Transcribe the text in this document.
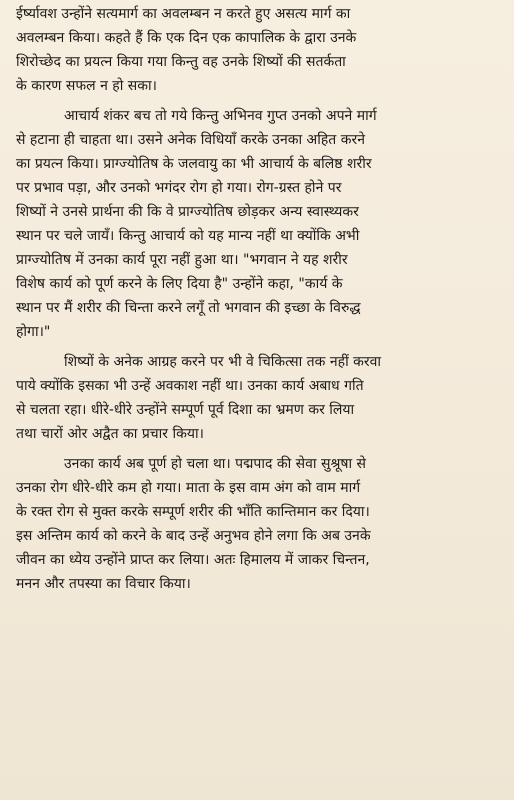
ईर्ष्यावश उन्होंने सत्यमार्ग का अवलम्बन न करते हुए असत्य मार्ग का
अवलम्बन किया। कहते हैं कि एक दिन एक कापालिक के द्वारा उनके
शिरोच्छेद का प्रयत्न किया गया किन्तु वह उनके शिष्यों की सतर्कता
के कारण सफल न हो सका।
आचार्य शंकर बच तो गये किन्तु अभिनव गुप्त उनको अपने मार्ग
से हटाना ही चाहता था। उसने अनेक विधियाँ करके उनका अहित करने
का प्रयत्न किया। प्राग्ज्योतिष के जलवायु का भी आचार्य के बलिष्ठ शरीर
पर प्रभाव पड़ा, और उनको भगंदर रोग हो गया। रोग-ग्रस्त होने पर
शिष्यों ने उनसे प्रार्थना की कि वे प्राग्ज्योतिष छोड़कर अन्य स्वास्थ्यकर
स्थान पर चले जायँ। किन्तु आचार्य को यह मान्य नहीं था क्योंकि अभी
प्राग्ज्योतिष में उनका कार्य पूरा नहीं हुआ था। "भगवान ने यह शरीर
विशेष कार्य को पूर्ण करने के लिए दिया है" उन्होंने कहा, "कार्य के
स्थान पर मैं शरीर की चिन्ता करने लगूँ तो भगवान की इच्छा के विरुद्ध
होगा।"
शिष्यों के अनेक आग्रह करने पर भी वे चिकित्सा तक नहीं करवा
पाये क्योंकि इसका भी उन्हें अवकाश नहीं था। उनका कार्य अबाध गति
से चलता रहा। धीरे-धीरे उन्होंने सम्पूर्ण पूर्व दिशा का भ्रमण कर लिया
तथा चारों ओर अद्वैत का प्रचार किया।
उनका कार्य अब पूर्ण हो चला था। पद्मपाद की सेवा सुश्रूषा से
उनका रोग धीरे-धीरे कम हो गया। माता के इस वाम अंग को वाम मार्ग
के रक्त रोग से मुक्त करके सम्पूर्ण शरीर की भाँति कान्तिमान कर दिया।
इस अन्तिम कार्य को करने के बाद उन्हें अनुभव होने लगा कि अब उनके
जीवन का ध्येय उन्होंने प्राप्त कर लिया। अतः हिमालय में जाकर चिन्तन,
मनन और तपस्या का विचार किया।
